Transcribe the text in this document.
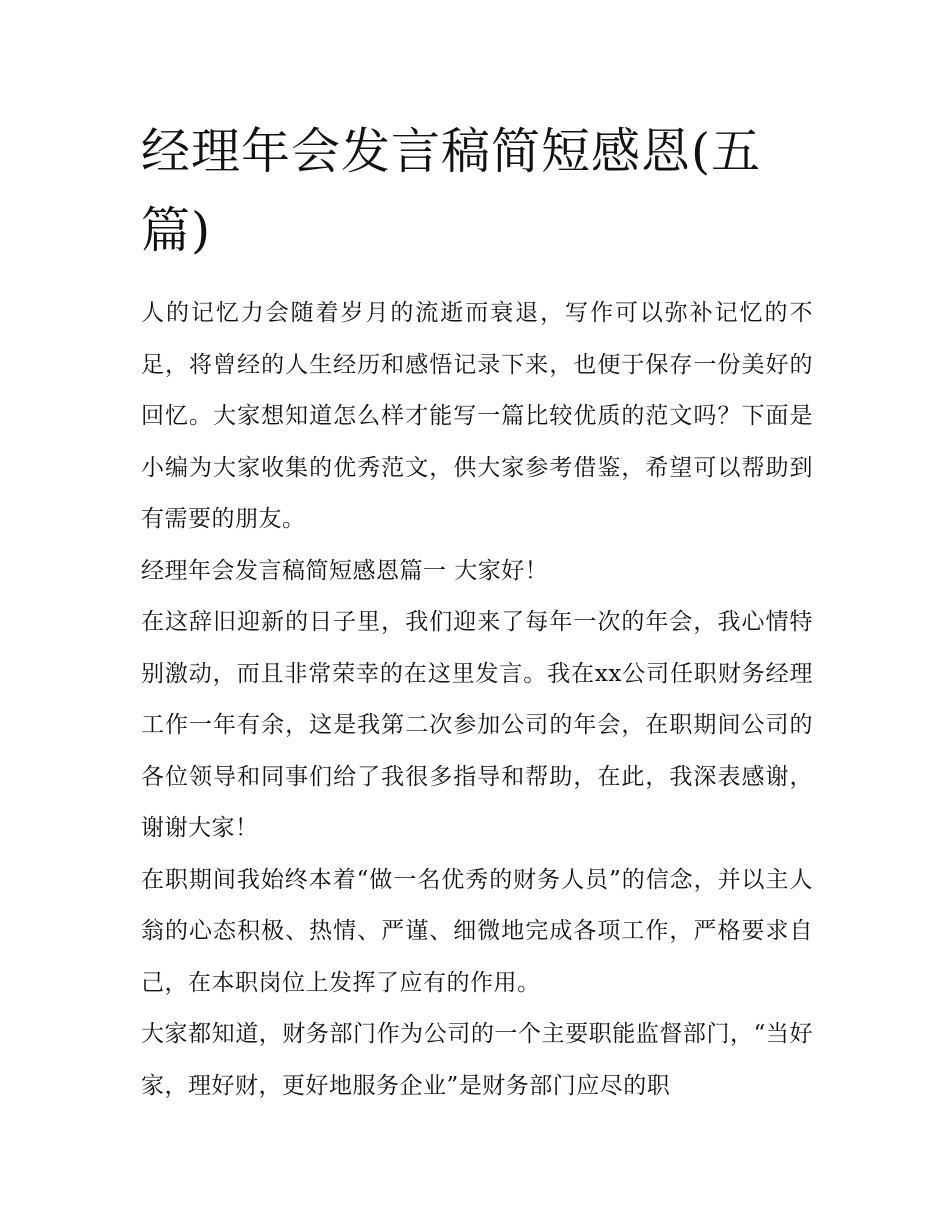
经理年会发言稿简短感恩(五篇)

人的记忆力会随着岁月的流逝而衰退，写作可以弥补记忆的不足，将曾经的人生经历和感悟记录下来，也便于保存一份美好的回忆。大家想知道怎么样才能写一篇比较优质的范文吗？下面是小编为大家收集的优秀范文，供大家参考借鉴，希望可以帮助到有需要的朋友。

经理年会发言稿简短感恩篇一 大家好！

在这辞旧迎新的日子里，我们迎来了每年一次的年会，我心情特别激动，而且非常荣幸的在这里发言。我在xx公司任职财务经理工作一年有余，这是我第二次参加公司的年会，在职期间公司的各位领导和同事们给了我很多指导和帮助，在此，我深表感谢，谢谢大家！

在职期间我始终本着“做一名优秀的财务人员”的信念，并以主人翁的心态积极、热情、严谨、细微地完成各项工作，严格要求自己，在本职岗位上发挥了应有的作用。

大家都知道，财务部门作为公司的一个主要职能监督部门，“当好家，理好财，更好地服务企业”是财务部门应尽的职
